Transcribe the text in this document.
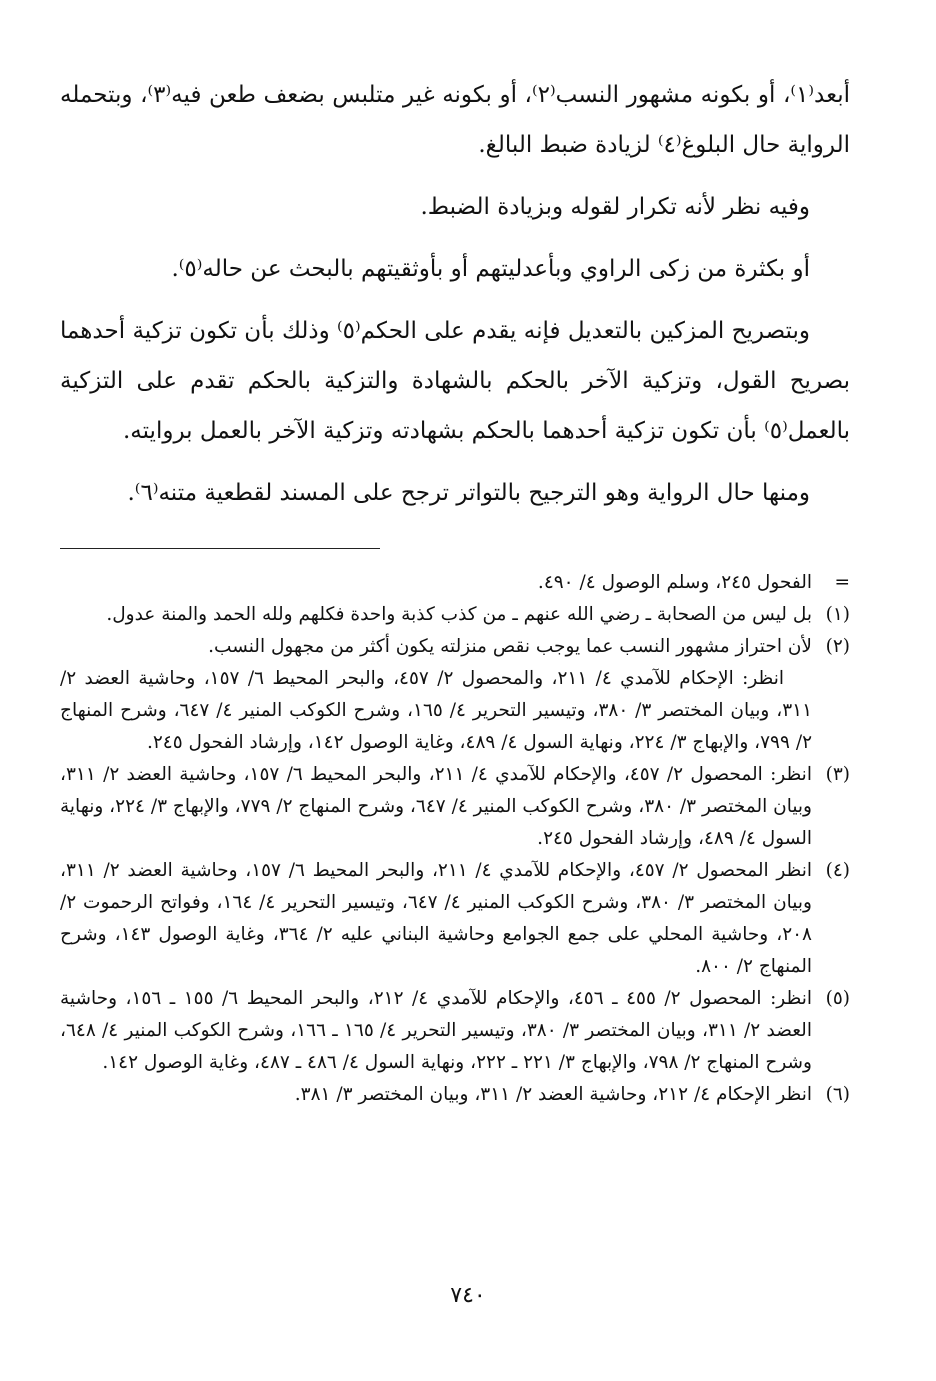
أبعد⁽١⁾، أو بكونه مشهور النسب⁽٢⁾، أو بكونه غير متلبس بضعف طعن فيه⁽٣⁾، وبتحمله الرواية حال البلوغ⁽٤⁾ لزيادة ضبط البالغ.

وفيه نظر لأنه تكرار لقوله وبزيادة الضبط.

أو بكثرة من زكى الراوي وبأعدليتهم أو بأوثقيتهم بالبحث عن حاله⁽٥⁾.

وبتصريح المزكين بالتعديل فإنه يقدم على الحكم⁽٥⁾ وذلك بأن تكون تزكية أحدهما بصريح القول، وتزكية الآخر بالحكم بالشهادة والتزكية بالحكم تقدم على التزكية بالعمل⁽٥⁾ بأن تكون تزكية أحدهما بالحكم بشهادته وتزكية الآخر بالعمل بروايته.

ومنها حال الرواية وهو الترجيح بالتواتر ترجح على المسند لقطعية متنه⁽٦⁾.

=

الفحول ٢٤٥، وسلم الوصول ٤/ ٤٩٠.

(١)

بل ليس من الصحابة ـ رضي الله عنهم ـ من كذب كذبة واحدة فكلهم ولله الحمد والمنة عدول.

(٢)

لأن احتراز مشهور النسب عما يوجب نقص منزلته يكون أكثر من مجهول النسب.

انظر: الإحكام للآمدي ٤/ ٢١١، والمحصول ٢/ ٤٥٧، والبحر المحيط ٦/ ١٥٧، وحاشية العضد ٢/ ٣١١، وبيان المختصر ٣/ ٣٨٠، وتيسير التحرير ٤/ ١٦٥، وشرح الكوكب المنير ٤/ ٦٤٧، وشرح المنهاج ٢/ ٧٩٩، والإبهاج ٣/ ٢٢٤، ونهاية السول ٤/ ٤٨٩، وغاية الوصول ١٤٢، وإرشاد الفحول ٢٤٥.

(٣)

انظر: المحصول ٢/ ٤٥٧، والإحكام للآمدي ٤/ ٢١١، والبحر المحيط ٦/ ١٥٧، وحاشية العضد ٢/ ٣١١، وبيان المختصر ٣/ ٣٨٠، وشرح الكوكب المنير ٤/ ٦٤٧، وشرح المنهاج ٢/ ٧٧٩، والإبهاج ٣/ ٢٢٤، ونهاية السول ٤/ ٤٨٩، وإرشاد الفحول ٢٤٥.

(٤)

انظر المحصول ٢/ ٤٥٧، والإحكام للآمدي ٤/ ٢١١، والبحر المحيط ٦/ ١٥٧، وحاشية العضد ٢/ ٣١١، وبيان المختصر ٣/ ٣٨٠، وشرح الكوكب المنير ٤/ ٦٤٧، وتيسير التحرير ٤/ ١٦٤، وفواتح الرحموت ٢/ ٢٠٨، وحاشية المحلي على جمع الجوامع وحاشية البناني عليه ٢/ ٣٦٤، وغاية الوصول ١٤٣، وشرح المنهاج ٢/ ٨٠٠.

(٥)

انظر: المحصول ٢/ ٤٥٥ ـ ٤٥٦، والإحكام للآمدي ٤/ ٢١٢، والبحر المحيط ٦/ ١٥٥ ـ ١٥٦، وحاشية العضد ٢/ ٣١١، وبيان المختصر ٣/ ٣٨٠، وتيسير التحرير ٤/ ١٦٥ ـ ١٦٦، وشرح الكوكب المنير ٤/ ٦٤٨، وشرح المنهاج ٢/ ٧٩٨، والإبهاج ٣/ ٢٢١ ـ ٢٢٢، ونهاية السول ٤/ ٤٨٦ ـ ٤٨٧، وغاية الوصول ١٤٢.

(٦)

انظر الإحكام ٤/ ٢١٢، وحاشية العضد ٢/ ٣١١، وبيان المختصر ٣/ ٣٨١.

٧٤٠
